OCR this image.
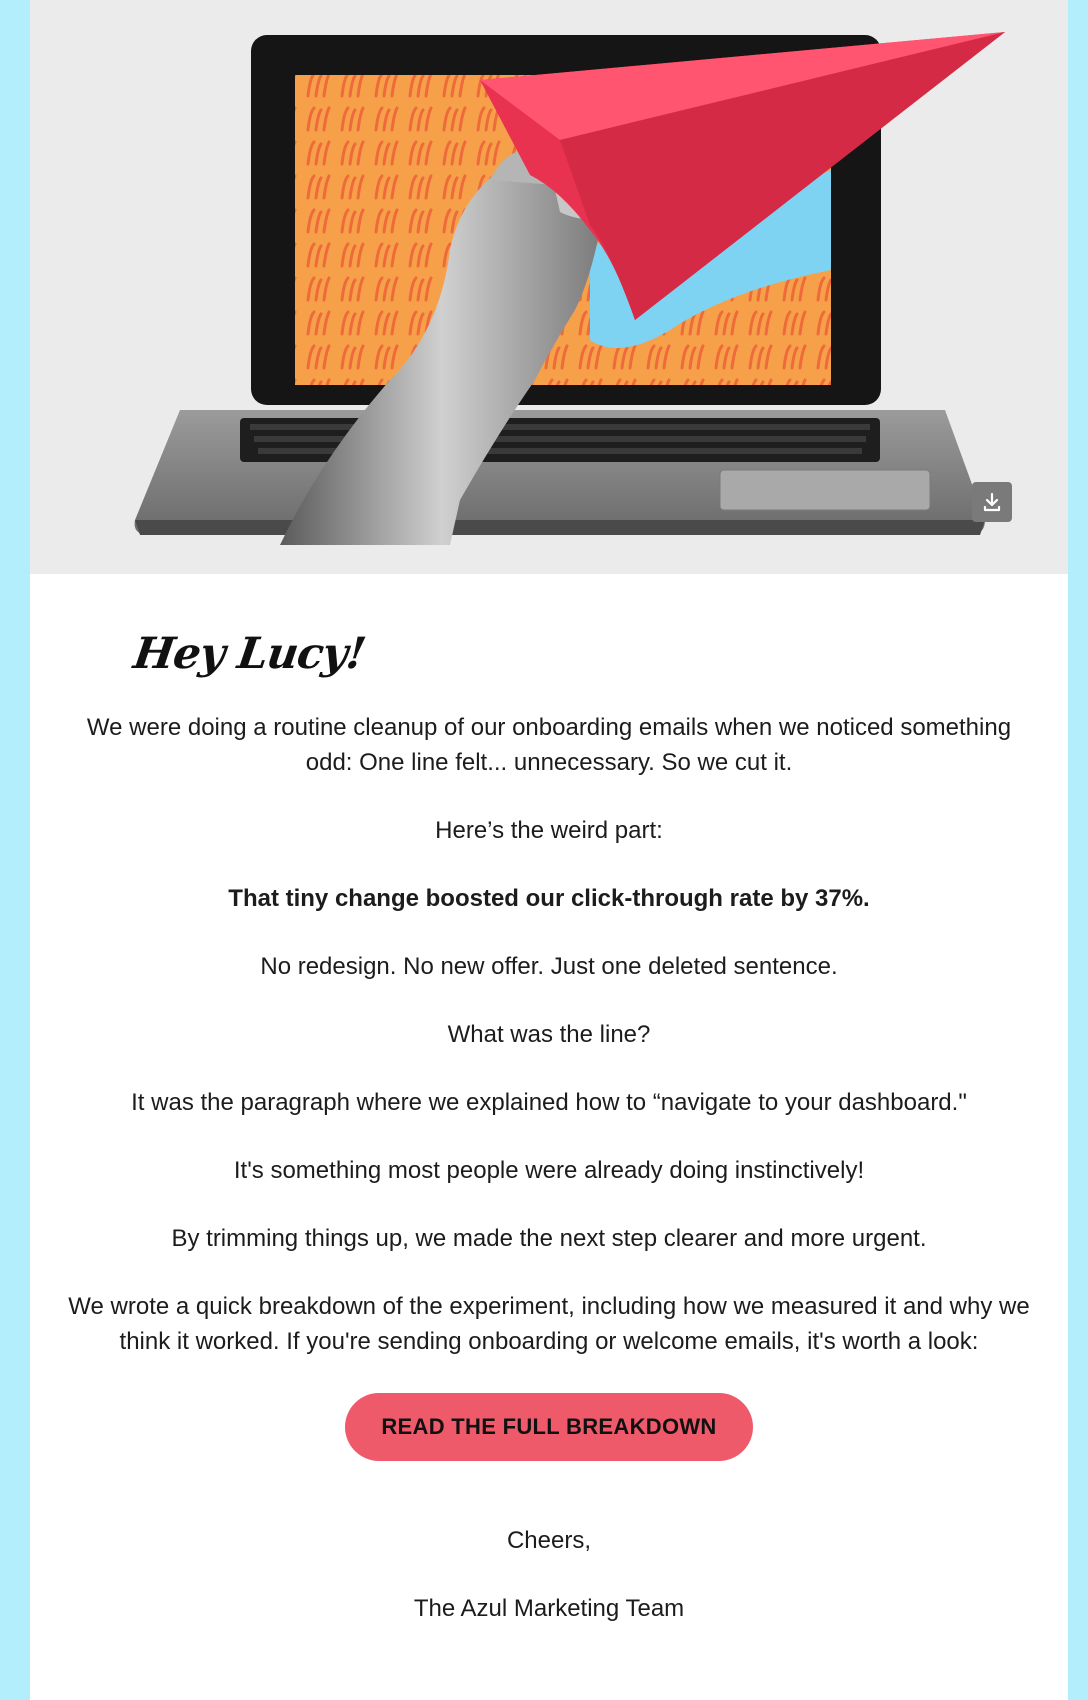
Hey Lucy!

We were doing a routine cleanup of our onboarding emails when we noticed something odd: One line felt... unnecessary. So we cut it.

Here’s the weird part:

That tiny change boosted our click-through rate by 37%.

No redesign. No new offer. Just one deleted sentence.

What was the line?

It was the paragraph where we explained how to “navigate to your dashboard."

It's something most people were already doing instinctively!

By trimming things up, we made the next step clearer and more urgent.

We wrote a quick breakdown of the experiment, including how we measured it and why we think it worked. If you're sending onboarding or welcome emails, it's worth a look:

READ THE FULL BREAKDOWN

Cheers,

The Azul Marketing Team
